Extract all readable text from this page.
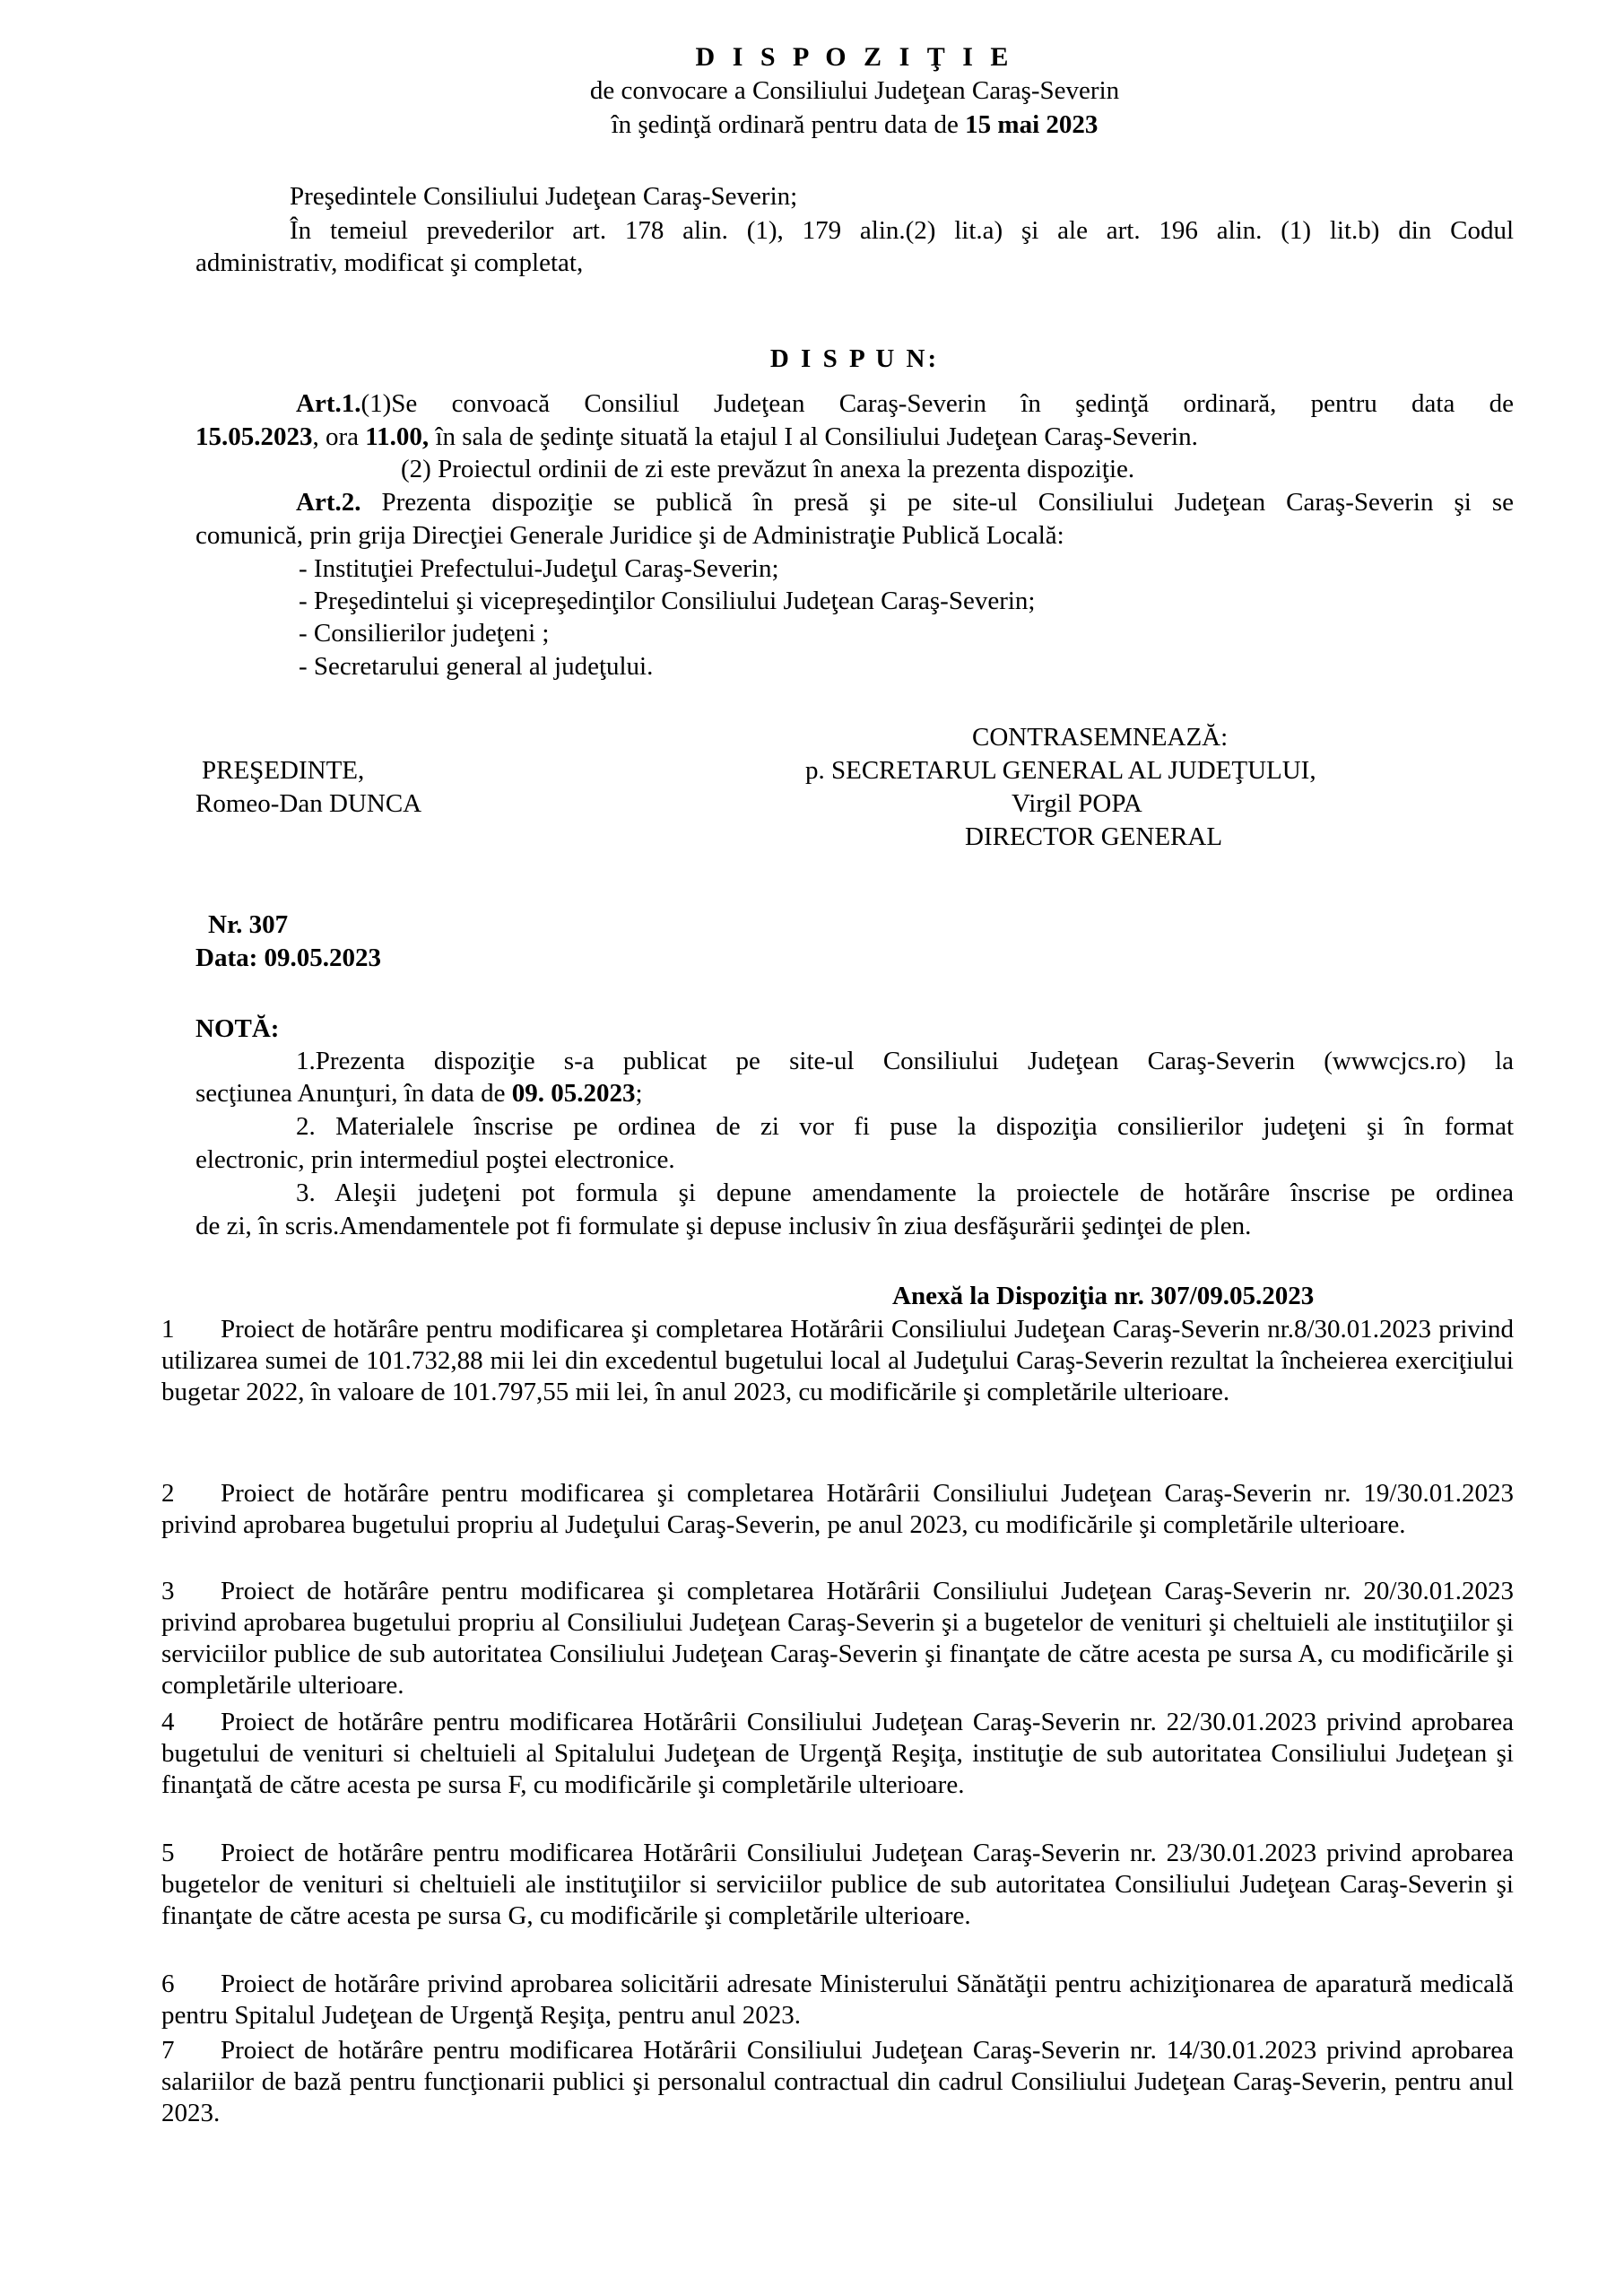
D I S P O Z I Ţ I E
de convocare a Consiliului Judeţean Caraş-Severin
în şedinţă ordinară pentru data de 15 mai 2023
Preşedintele Consiliului Judeţean Caraş-Severin;
În temeiul prevederilor art. 178 alin. (1), 179 alin.(2) lit.a) şi ale art. 196 alin. (1) lit.b) din Codul
administrativ, modificat şi completat,
D I S P U N:
Art.1.(1)Se convoacă Consiliul Judeţean Caraş-Severin în şedinţă ordinară, pentru data de
15.05.2023, ora 11.00, în sala de şedinţe situată la etajul I al Consiliului Judeţean Caraş-Severin.
(2) Proiectul ordinii de zi este prevăzut în anexa la prezenta dispoziţie.
Art.2. Prezenta dispoziţie se publică în presă şi pe site-ul Consiliului Judeţean Caraş-Severin şi se
comunică, prin grija Direcţiei Generale Juridice şi de Administraţie Publică Locală:
- Instituţiei Prefectului-Judeţul Caraş-Severin;
- Preşedintelui şi vicepreşedinţilor Consiliului Judeţean Caraş-Severin;
- Consilierilor judeţeni ;
- Secretarului general al judeţului.
CONTRASEMNEAZĂ:
PREŞEDINTE,
Romeo-Dan DUNCA
p. SECRETARUL GENERAL AL JUDEŢULUI,
Virgil POPA
DIRECTOR GENERAL
Nr. 307
Data: 09.05.2023
NOTĂ:
1.Prezenta dispoziţie s-a publicat pe site-ul Consiliului Judeţean Caraş-Severin (wwwcjcs.ro) la
secţiunea Anunţuri, în data de 09. 05.2023;
2. Materialele înscrise pe ordinea de zi vor fi puse la dispoziţia consilierilor judeţeni şi în format
electronic, prin intermediul poştei electronice.
3. Aleşii judeţeni pot formula şi depune amendamente la proiectele de hotărâre înscrise pe ordinea
de zi, în scris.Amendamentele pot fi formulate şi depuse inclusiv în ziua desfăşurării şedinţei de plen.
Anexă la Dispoziţia nr. 307/09.05.2023
1 Proiect de hotărâre pentru modificarea şi completarea Hotărârii Consiliului Judeţean Caraş-Severin nr.8/30.01.2023 privind utilizarea sumei de 101.732,88 mii lei din excedentul bugetului local al Judeţului Caraş-Severin rezultat la încheierea exerciţiului bugetar 2022, în valoare de 101.797,55 mii lei, în anul 2023, cu modificările şi completările ulterioare.
2 Proiect de hotărâre pentru modificarea şi completarea Hotărârii Consiliului Judeţean Caraş-Severin nr. 19/30.01.2023 privind aprobarea bugetului propriu al Judeţului Caraş-Severin, pe anul 2023, cu modificările şi completările ulterioare.
3 Proiect de hotărâre pentru modificarea şi completarea Hotărârii Consiliului Judeţean Caraş-Severin nr. 20/30.01.2023 privind aprobarea bugetului propriu al Consiliului Judeţean Caraş-Severin şi a bugetelor de venituri şi cheltuieli ale instituţiilor şi serviciilor publice de sub autoritatea Consiliului Judeţean Caraş-Severin şi finanţate de către acesta pe sursa A, cu modificările şi completările ulterioare.
4 Proiect de hotărâre pentru modificarea Hotărârii Consiliului Judeţean Caraş-Severin nr. 22/30.01.2023 privind aprobarea bugetului de venituri si cheltuieli al Spitalului Judeţean de Urgenţă Reşiţa, instituţie de sub autoritatea Consiliului Judeţean şi finanţată de către acesta pe sursa F, cu modificările şi completările ulterioare.
5 Proiect de hotărâre pentru modificarea Hotărârii Consiliului Judeţean Caraş-Severin nr. 23/30.01.2023 privind aprobarea bugetelor de venituri si cheltuieli ale instituţiilor si serviciilor publice de sub autoritatea Consiliului Judeţean Caraş-Severin şi finanţate de către acesta pe sursa G, cu modificările şi completările ulterioare.
6 Proiect de hotărâre privind aprobarea solicitării adresate Ministerului Sănătăţii pentru achiziţionarea de aparatură medicală pentru Spitalul Judeţean de Urgenţă Reşiţa, pentru anul 2023.
7 Proiect de hotărâre pentru modificarea Hotărârii Consiliului Judeţean Caraş-Severin nr. 14/30.01.2023 privind aprobarea salariilor de bază pentru funcţionarii publici şi personalul contractual din cadrul Consiliului Judeţean Caraş-Severin, pentru anul 2023.
